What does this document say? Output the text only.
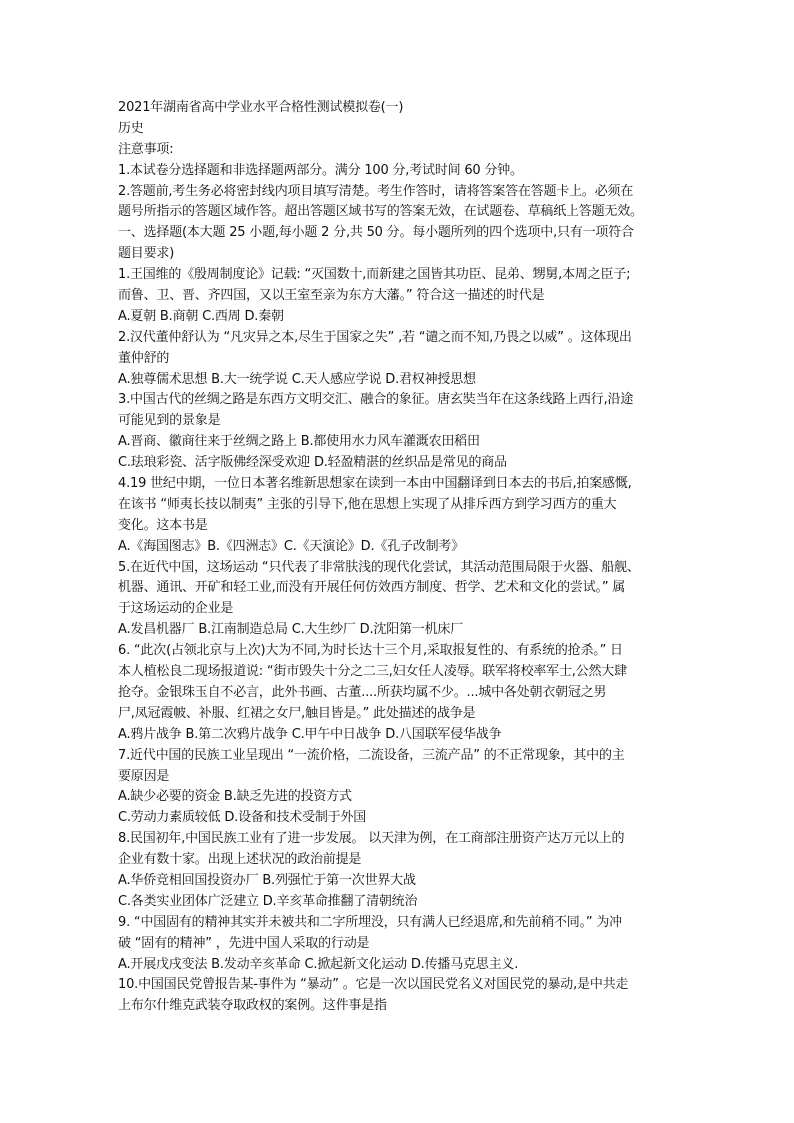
2021年湖南省高中学业水平合格性测试模拟卷(一)
历史
注意事项:
1.本试卷分选择题和非选择题两部分。满分 100 分,考试时间 60 分钟。
2.答题前,考生务必将密封线内项目填写清楚。考生作答时，请将答案答在答题卡上。必须在
题号所指示的答题区域作答。超出答题区域书写的答案无效，在试题卷、草稿纸上答题无效。
一、选择题(本大题 25 小题,每小题 2 分,共 50 分。每小题所列的四个选项中,只有一项符合
题目要求)
1.王国维的《殷周制度论》记载: “灭国数十,而新建之国皆其功臣、昆弟、甥舅,本周之臣子;
而鲁、卫、晋、齐四国，又以王室至亲为东方大藩。” 符合这一描述的时代是
A.夏朝 B.商朝 C.西周 D.秦朝
2.汉代董仲舒认为 “凡灾异之本,尽生于国家之失” ,若 “谴之而不知,乃畏之以威” 。这体现出
董仲舒的
A.独尊儒术思想 B.大一统学说 C.天人感应学说 D.君权神授思想
3.中国古代的丝绸之路是东西方文明交汇、融合的象征。唐玄奘当年在这条线路上西行,沿途
可能见到的景象是
A.晋商、徽商往来于丝绸之路上 B.都使用水力风车灌溉农田稻田
C.珐琅彩瓷、活字版佛经深受欢迎 D.轻盈精湛的丝织品是常见的商品
4.19 世纪中期，一位日本著名维新思想家在读到一本由中国翻译到日本去的书后,拍案感慨,
在该书 “师夷长技以制夷” 主张的引导下,他在思想上实现了从排斥西方到学习西方的重大
变化。这本书是
A.《海国图志》B.《四洲志》C.《天演论》D.《孔子改制考》
5.在近代中国，这场运动 “只代表了非常肤浅的现代化尝试，其活动范围局限于火器、船舰、
机器、通讯、开矿和轻工业,而没有开展任何仿效西方制度、哲学、艺术和文化的尝试。” 属
于这场运动的企业是
A.发昌机器厂 B.江南制造总局 C.大生纱厂 D.沈阳第一机床厂
6. “此次(占领北京与上次)大为不同,为时长达十三个月,采取报复性的、有系统的抢杀。” 日
本人植松良二现场报道说: “街市毁失十分之二三,妇女任人凌辱。联军将校率军士,公然大肆
抢夺。金银珠玉自不必言，此外书画、古董....所获均属不少。...城中各处朝衣朝冠之男
尸,凤冠霞帔、补服、红裙之女尸,触目皆是。” 此处描述的战争是
A.鸦片战争 B.第二次鸦片战争 C.甲午中日战争 D.八国联军侵华战争
7.近代中国的民族工业呈现出 “一流价格，二流设备，三流产品” 的不正常现象，其中的主
要原因是
A.缺少必要的资金 B.缺乏先进的投资方式
C.劳动力素质较低 D.设备和技术受制于外国
8.民国初年,中国民族工业有了进一步发展。 以天津为例，在工商部注册资产达万元以上的
企业有数十家。出现上述状况的政治前提是
A.华侨竞相回国投资办厂 B.列强忙于第一次世界大战
C.各类实业团体广泛建立 D.辛亥革命推翻了清朝统治
9. “中国固有的精神其实并未被共和二字所埋没，只有满人已经退席,和先前稍不同。” 为冲
破 “固有的精神” ，先进中国人采取的行动是
A.开展戊戌变法 B.发动辛亥革命 C.掀起新文化运动 D.传播马克思主义.
10.中国国民党曾报告某-事件为 “暴动” 。它是一次以国民党名义对国民党的暴动,是中共走
上布尔什维克武装夺取政权的案例。这件事是指
